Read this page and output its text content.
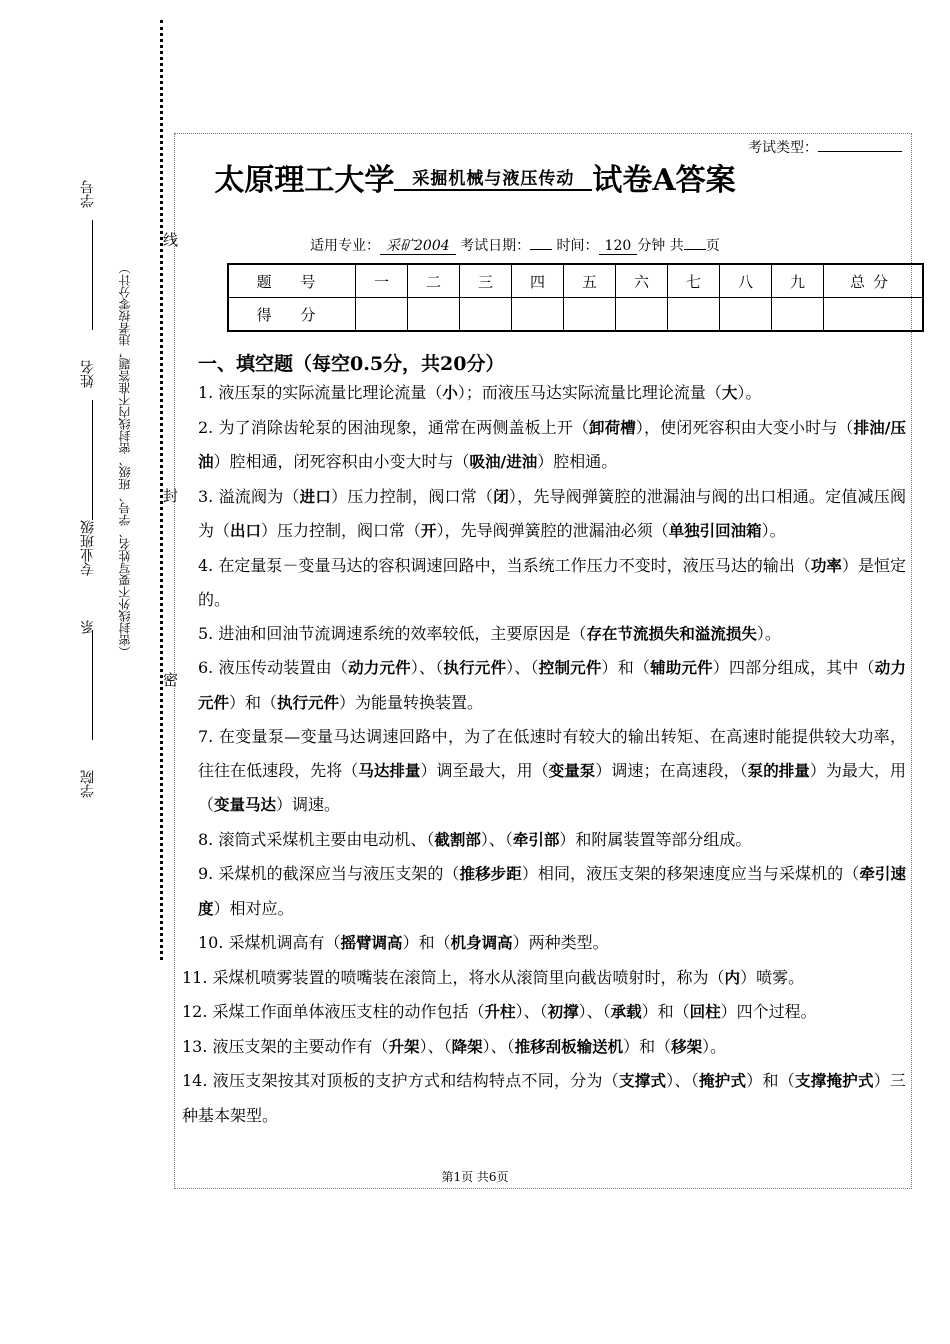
学号
姓名
专业班级
系
学院
（密封线外不要写姓名、学号、班级、密封线内不准答题，违者按零分计）
线
封
密
考试类型：
太原理工大学 采掘机械与液压传动 试卷A答案
适用专业： 采矿2004 考试日期： 时间： 120 分钟 共 页
题 号	一	二	三	四	五	六	七	八	九	总分
得 分										

一、填空题（每空0.5分，共20分）

1. 液压泵的实际流量比理论流量（小）；而液压马达实际流量比理论流量（大）。

2. 为了消除齿轮泵的困油现象，通常在两侧盖板上开（卸荷槽），使闭死容积由大变小时与（排油/压油）腔相通，闭死容积由小变大时与（吸油/进油）腔相通。

3. 溢流阀为（进口）压力控制，阀口常（闭），先导阀弹簧腔的泄漏油与阀的出口相通。定值减压阀为（出口）压力控制，阀口常（开），先导阀弹簧腔的泄漏油必须（单独引回油箱）。

4. 在定量泵－变量马达的容积调速回路中，当系统工作压力不变时，液压马达的输出（功率）是恒定的。

5. 进油和回油节流调速系统的效率较低，主要原因是（存在节流损失和溢流损失）。

6. 液压传动装置由（动力元件）、（执行元件）、（控制元件）和（辅助元件）四部分组成，其中（动力元件）和（执行元件）为能量转换装置。

7. 在变量泵—变量马达调速回路中，为了在低速时有较大的输出转矩、在高速时能提供较大功率，往往在低速段，先将（马达排量）调至最大，用（变量泵）调速；在高速段，（泵的排量）为最大，用（变量马达）调速。

8. 滚筒式采煤机主要由电动机、（截割部）、（牵引部）和附属装置等部分组成。

9. 采煤机的截深应当与液压支架的（推移步距）相同，液压支架的移架速度应当与采煤机的（牵引速度）相对应。

10. 采煤机调高有（摇臂调高）和（机身调高）两种类型。

11. 采煤机喷雾装置的喷嘴装在滚筒上，将水从滚筒里向截齿喷射时，称为（内）喷雾。

12. 采煤工作面单体液压支柱的动作包括（升柱）、（初撑）、（承载）和（回柱）四个过程。

13. 液压支架的主要动作有（升架）、（降架）、（推移刮板输送机）和（移架）。

14. 液压支架按其对顶板的支护方式和结构特点不同，分为（支撑式）、（掩护式）和（支撑掩护式）三种基本架型。

第1页 共6页
